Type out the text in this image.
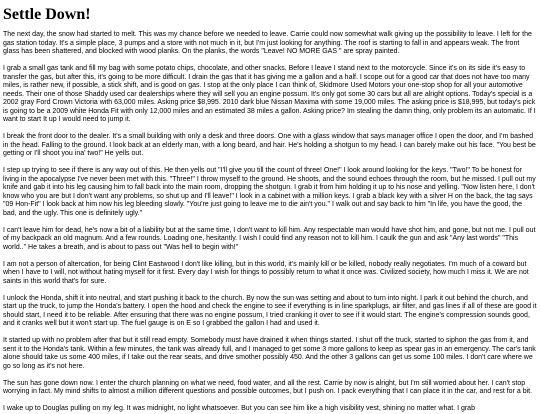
Settle Down!

The next day, the snow had started to melt. This was my chance before we needed to leave. Carrie could now somewhat walk giving up the possibility to leave. I left for the gas station today. It's a simple place, 3 pumps and a store with not much in it, but I'm just looking for anything. The roof is starting to fall in and appears weak. The front glass has been shattered, and blocked with wood planks. On the planks, the words "Leave! NO MORE GAS " are spray painted.

I grab a small gas tank and fill my bag with some potato chips, chocolate, and other snacks. Before I leave I stand next to the motorcycle. Since it's on its side it's easy to transfer the gas, but after this, it's going to be more difficult. I drain the gas that it has giving me a gallon and a half. I scope out for a good car that does not have too many miles, is rather new, if possible, a stick shift, and is good on gas. I stop at the only place I can think of, Skidmore Used Motors your one-stop shop for all your automotive needs. Their one of those Shaddy used car dealerships where they will sell you an engine possum. It's only got some 30 cars but all are alright options. Today's special is a 2002 gray Ford Crown Victoria with 63,000 miles. Asking price $8,995. 2010 dark blue Nissan Maxima with some 19,000 miles. The asking price is $18,995, but today's pick is going to be a 2009 white Honda Fit with only 12,000 miles and an estimated 38 miles a gallon. Asking price? Im stealing the damn thing, only problem its an automatic. If I want to start It up I would need to jump it.

I break the front door to the dealer. It's a small building with only a desk and three doors. One with a glass window that says manager office I open the door, and I'm bashed in the head. Falling to the ground. I look back at an elderly man, with a long beard, and hair. He's holding a shotgun to my head. I can barely make out his face. "You best be getting or I'll shoot you ina' two!" He yells out.

I step up trying to see if there is any way out of this. He then yells out "I'll give you till the count of three! One!" I look around looking for the keys. "Two!" To be honest for living in the apocalypse I've never been met with this. "Three!" I throw myself to the ground. He shoots, and the sound echoes through the room, but he missed. I pull out my knife and gab it into his leg causing him to fall back into the main room, dropping the shotgun. I grab it from him holding it up to his nose and yelling. "Now listen here, I don't know who you are but I don't want any problems, so shut up and I'll leave!" I look in a cabinet with a million keys. I grab a black key with a silver H on the back, the tag says "09 Hon-Fit" I look back at him now his leg bleeding slowly. "You're just going to leave me to die ain't you." I walk out and say back to him "In life, you have the good, the bad, and the ugly. This one is definitely ugly."

I can't leave him for dead, he's now a bit of a liability but at the same time, I don't want to kill him. Any respectable man would have shot him, and gone, but not me. I pull out of my backpack an old magnum. And a few rounds. Loading one, hesitantly. I wish I could find any reason not to kill him. I caulk the gun and ask "Any last words" "This world.." He takes a breath, and is about to pass out "Was hell to begin with!"

I am not a person of altercation, for being Clint Eastwood I don't like killing, but in this world, it's mainly kill or be killed, nobody really negotiates. I'm much of a coward but when I have to I will, not without hating myself for it first. Every day I wish for things to possibly return to what it once was. Civilized society, how much I miss it. We are not saints in this world that's for sure.

I unlock the Honda, shift it into neutral, and start pushing it back to the church. By now the sun was setting and about to turn into night. I park it out behind the church, and start up the truck, to jump the Honda's battery. I open the hood and check the engine to see if everything is in line sparkplugs, air filter, and gas lines if all of these are good it should start, I need it to be reliable. After ensuring that there was no engine possum, I tried cranking it over to see if it would start. The engine's compression sounds good, and it cranks well but it won't start up. The fuel gauge is on E so I grabbed the gallon I had and used it.

It started up with no problem after that but it still read empty. Somebody must have drained it when things started. I shut off the truck, started to siphon the gas from it, and sent it to the Honda's tank. Within a few minutes, the tank was already full, and I managed to get some 3 more gallons to keep as spear gas in an emergency. The car's tank alone should take us some 400 miles, if I take out the rear seats, and drive smother possibly 450. And the other 3 gallons can get us some 100 miles. I don't care where we go so long as it's not here.

The sun has gone down now. I enter the church planning on what we need, food water, and all the rest. Carrie by now is alright, but I'm still worried about her. I can't stop worrying in fact. My mind shifts to almost a million different questions and possible outcomes, but I push on. I pack everything that I can place it in the car, and rest for a bit.

I wake up to Douglas pulling on my leg. It was midnight, no light whatsoever. But you can see him like a high visibility vest, shining no matter what. I grab
